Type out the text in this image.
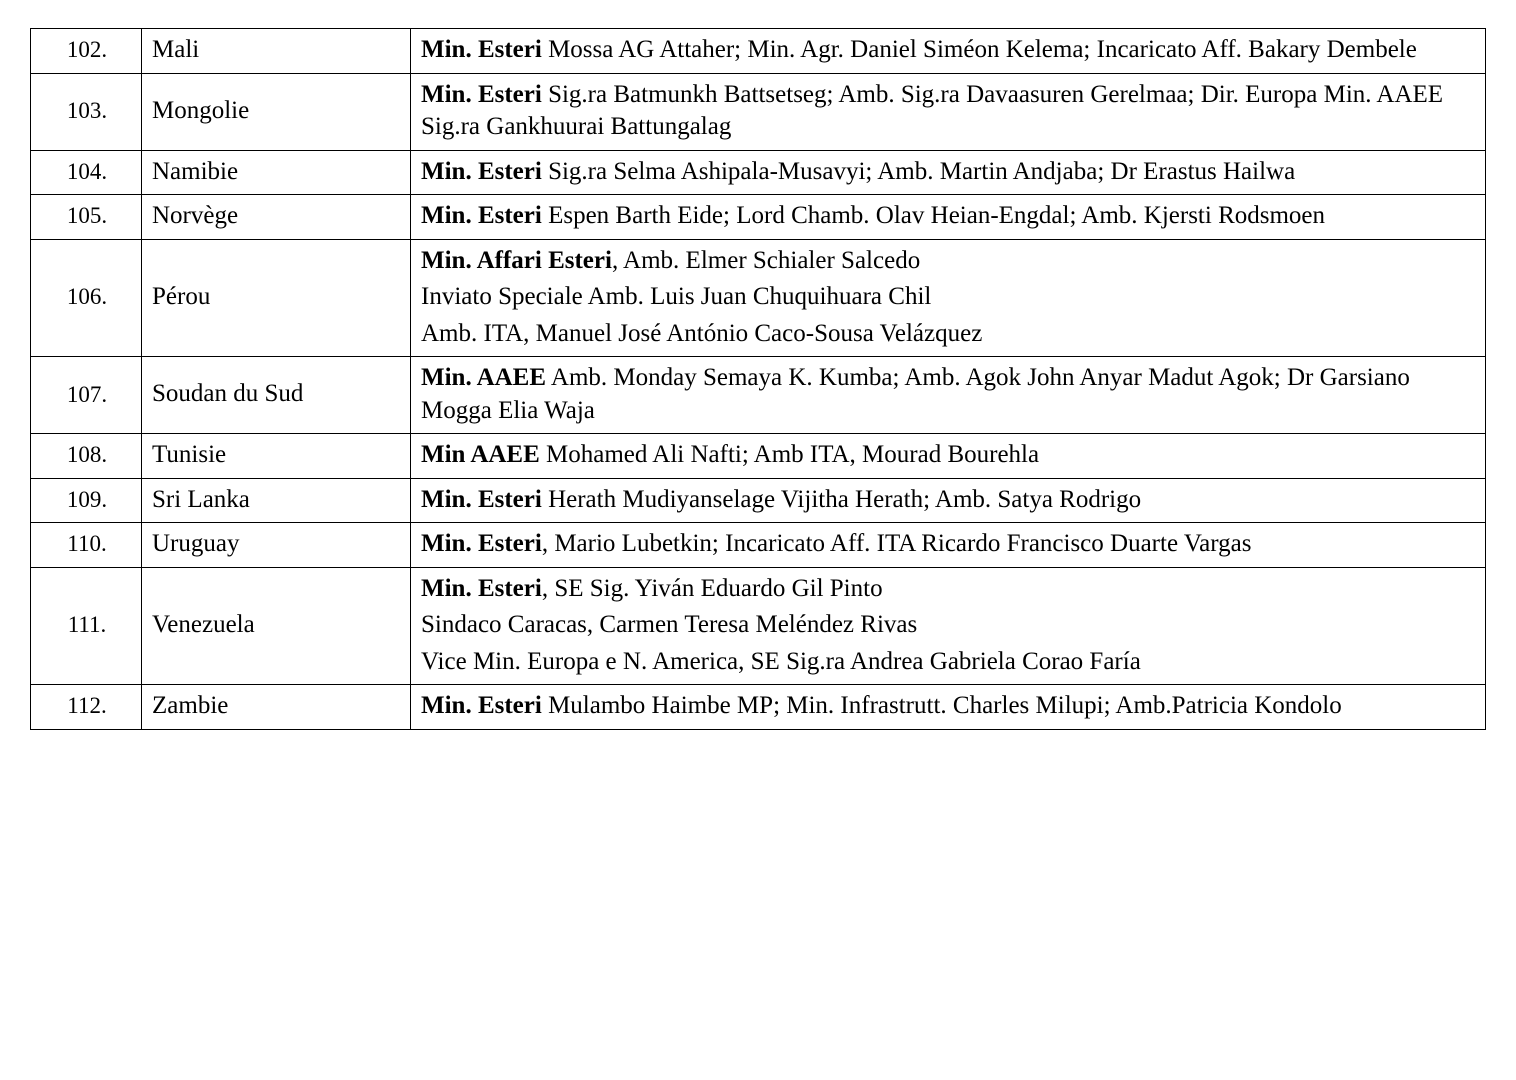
102.	Mali	Min. Esteri Mossa AG Attaher; Min. Agr. Daniel Siméon Kelema; Incaricato Aff. Bakary Dembele

103.	Mongolie	Min. Esteri Sig.ra Batmunkh Battsetseg; Amb. Sig.ra Davaasuren Gerelmaa; Dir. Europa Min. AAEE Sig.ra Gankhuurai Battungalag

104.	Namibie	Min. Esteri Sig.ra Selma Ashipala-Musavyi; Amb. Martin Andjaba; Dr Erastus Hailwa

105.	Norvège	Min. Esteri Espen Barth Eide; Lord Chamb. Olav Heian-Engdal; Amb. Kjersti Rodsmoen

106.	Pérou	Min. Affari Esteri, Amb. Elmer Schialer Salcedo
Inviato Speciale Amb. Luis Juan Chuquihuara Chil
Amb. ITA, Manuel José António Caco-Sousa Velázquez

107.	Soudan du Sud	Min. AAEE Amb. Monday Semaya K. Kumba; Amb. Agok John Anyar Madut Agok; Dr Garsiano Mogga Elia Waja

108.	Tunisie	Min AAEE Mohamed Ali Nafti; Amb ITA, Mourad Bourehla

109.	Sri Lanka	Min. Esteri Herath Mudiyanselage Vijitha Herath; Amb. Satya Rodrigo

110.	Uruguay	Min. Esteri, Mario Lubetkin; Incaricato Aff. ITA Ricardo Francisco Duarte Vargas

111.	Venezuela	Min. Esteri, SE Sig. Yiván Eduardo Gil Pinto
Sindaco Caracas, Carmen Teresa Meléndez Rivas
Vice Min. Europa e N. America, SE Sig.ra Andrea Gabriela Corao Faría

112.	Zambie	Min. Esteri Mulambo Haimbe MP; Min. Infrastrutt. Charles Milupi; Amb.Patricia Kondolo
